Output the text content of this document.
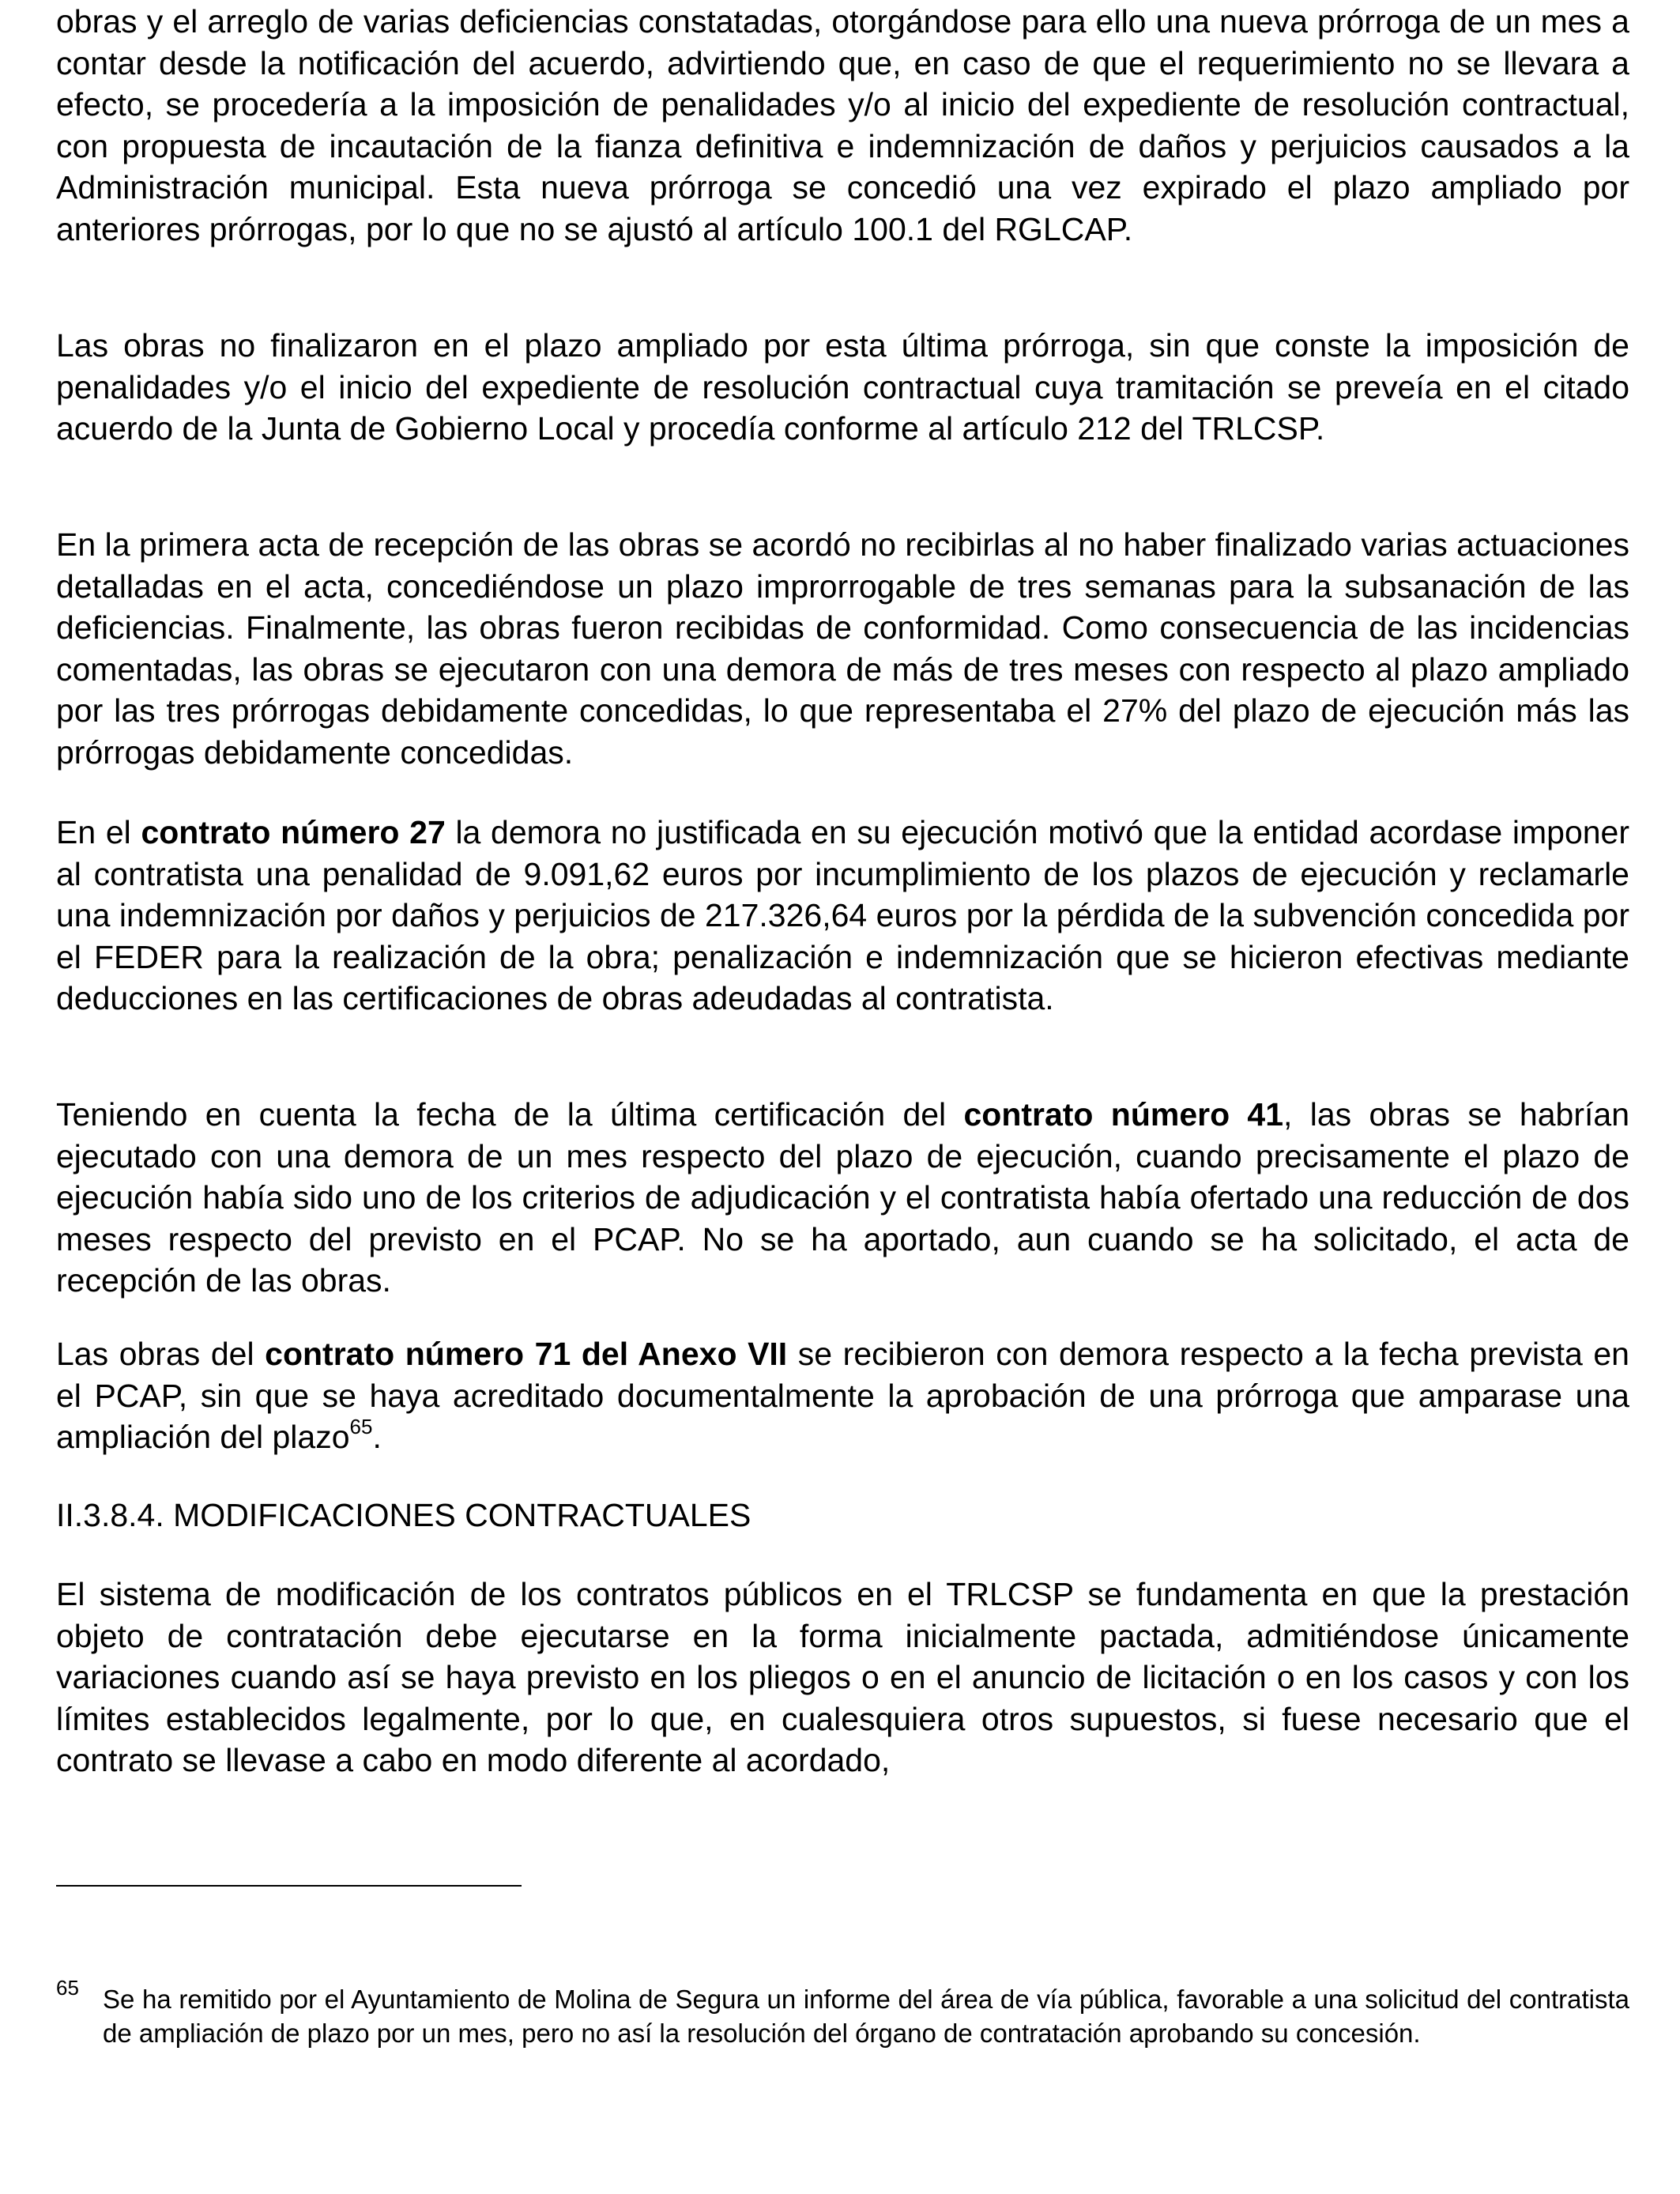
obras y el arreglo de varias deficiencias constatadas, otorgándose para ello una nueva prórroga de un mes a contar desde la notificación del acuerdo, advirtiendo que, en caso de que el requerimiento no se llevara a efecto, se procedería a la imposición de penalidades y/o al inicio del expediente de resolución contractual, con propuesta de incautación de la fianza definitiva e indemnización de daños y perjuicios causados a la Administración municipal. Esta nueva prórroga se concedió una vez expirado el plazo ampliado por anteriores prórrogas, por lo que no se ajustó al artículo 100.1 del RGLCAP.

Las obras no finalizaron en el plazo ampliado por esta última prórroga, sin que conste la imposición de penalidades y/o el inicio del expediente de resolución contractual cuya tramitación se preveía en el citado acuerdo de la Junta de Gobierno Local y procedía conforme al artículo 212 del TRLCSP.

En la primera acta de recepción de las obras se acordó no recibirlas al no haber finalizado varias actuaciones detalladas en el acta, concediéndose un plazo improrrogable de tres semanas para la subsanación de las deficiencias. Finalmente, las obras fueron recibidas de conformidad. Como consecuencia de las incidencias comentadas, las obras se ejecutaron con una demora de más de tres meses con respecto al plazo ampliado por las tres prórrogas debidamente concedidas, lo que representaba el 27% del plazo de ejecución más las prórrogas debidamente concedidas.

En el contrato número 27 la demora no justificada en su ejecución motivó que la entidad acordase imponer al contratista una penalidad de 9.091,62 euros por incumplimiento de los plazos de ejecución y reclamarle una indemnización por daños y perjuicios de 217.326,64 euros por la pérdida de la subvención concedida por el FEDER para la realización de la obra; penalización e indemnización que se hicieron efectivas mediante deducciones en las certificaciones de obras adeudadas al contratista.

Teniendo en cuenta la fecha de la última certificación del contrato número 41, las obras se habrían ejecutado con una demora de un mes respecto del plazo de ejecución, cuando precisamente el plazo de ejecución había sido uno de los criterios de adjudicación y el contratista había ofertado una reducción de dos meses respecto del previsto en el PCAP. No se ha aportado, aun cuando se ha solicitado, el acta de recepción de las obras.

Las obras del contrato número 71 del Anexo VII se recibieron con demora respecto a la fecha prevista en el PCAP, sin que se haya acreditado documentalmente la aprobación de una prórroga que amparase una ampliación del plazo$^{65}$.

II.3.8.4. MODIFICACIONES CONTRACTUALES

El sistema de modificación de los contratos públicos en el TRLCSP se fundamenta en que la prestación objeto de contratación debe ejecutarse en la forma inicialmente pactada, admitiéndose únicamente variaciones cuando así se haya previsto en los pliegos o en el anuncio de licitación o en los casos y con los límites establecidos legalmente, por lo que, en cualesquiera otros supuestos, si fuese necesario que el contrato se llevase a cabo en modo diferente al acordado,

65 Se ha remitido por el Ayuntamiento de Molina de Segura un informe del área de vía pública, favorable a una solicitud del contratista de ampliación de plazo por un mes, pero no así la resolución del órgano de contratación aprobando su concesión.
